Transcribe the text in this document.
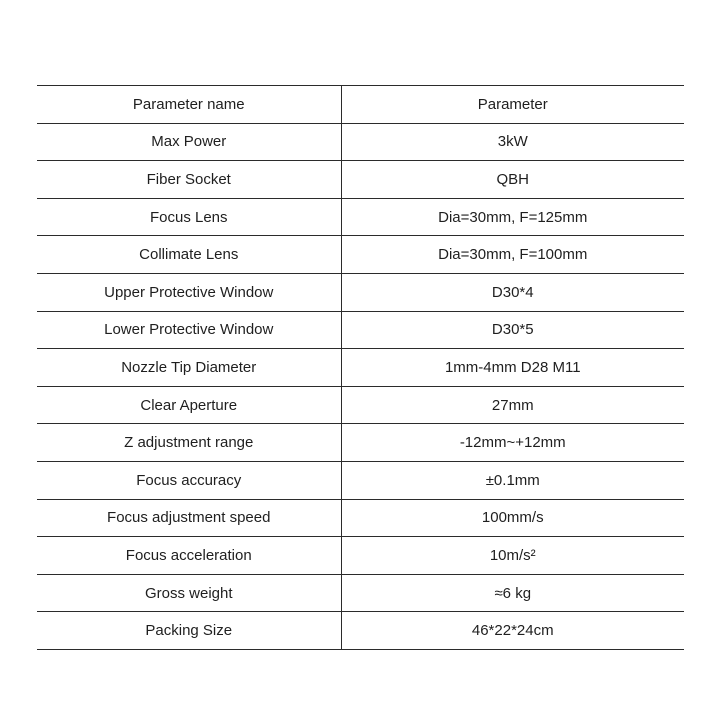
Parameter name	Parameter
Max Power	3kW
Fiber Socket	QBH
Focus Lens	Dia=30mm, F=125mm
Collimate Lens	Dia=30mm, F=100mm
Upper Protective Window	D30*4
Lower Protective Window	D30*5
Nozzle Tip Diameter	1mm-4mm D28 M11
Clear Aperture	27mm
Z adjustment range	-12mm~+12mm
Focus accuracy	±0.1mm
Focus adjustment speed	100mm/s
Focus acceleration	10m/s²
Gross weight	≈6 kg
Packing Size	46*22*24cm
